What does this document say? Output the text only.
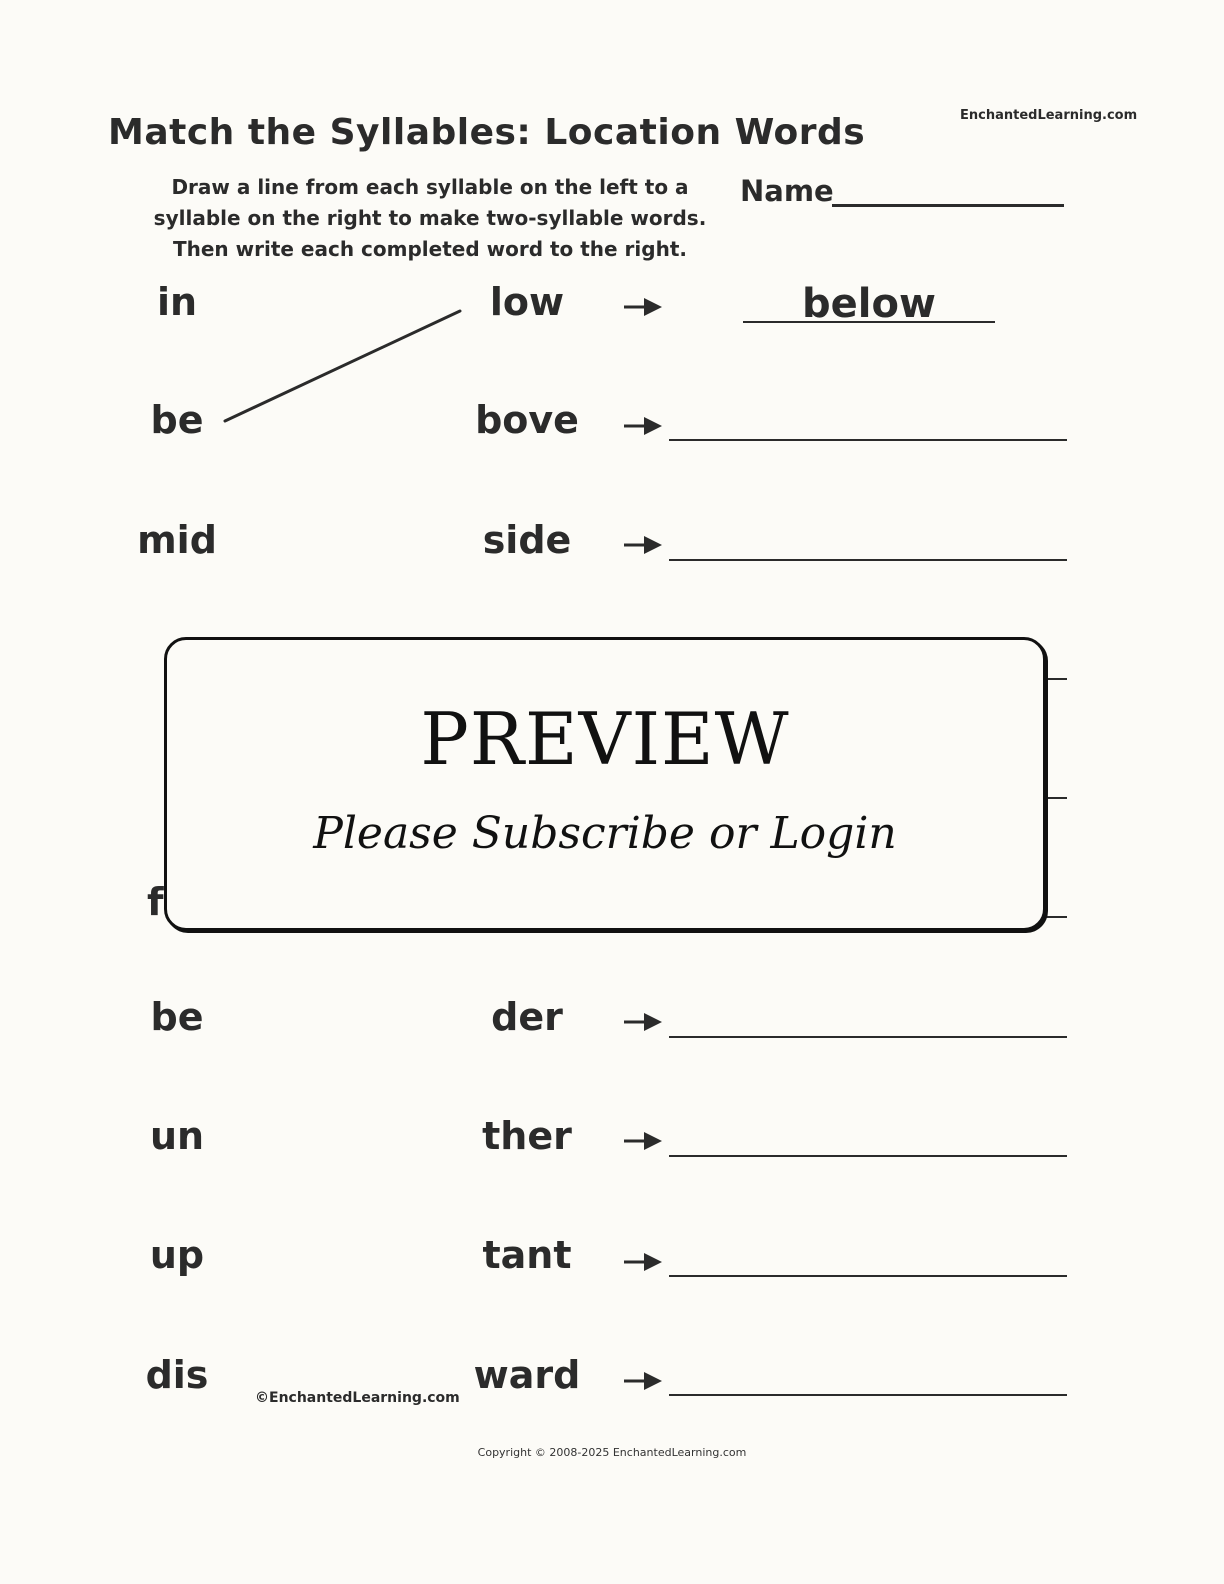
Match the Syllables: Location Words	EnchantedLearning.com
Draw a line from each syllable on the left to a
syllable on the right to make two-syllable words.
Then write each completed word to the right.
Name
in	low	below
be	bove
mid	side
f
PREVIEW
Please Subscribe or Login
be	der
un	ther
up	tant
dis	ward
©EnchantedLearning.com
Copyright © 2008-2025 EnchantedLearning.com
